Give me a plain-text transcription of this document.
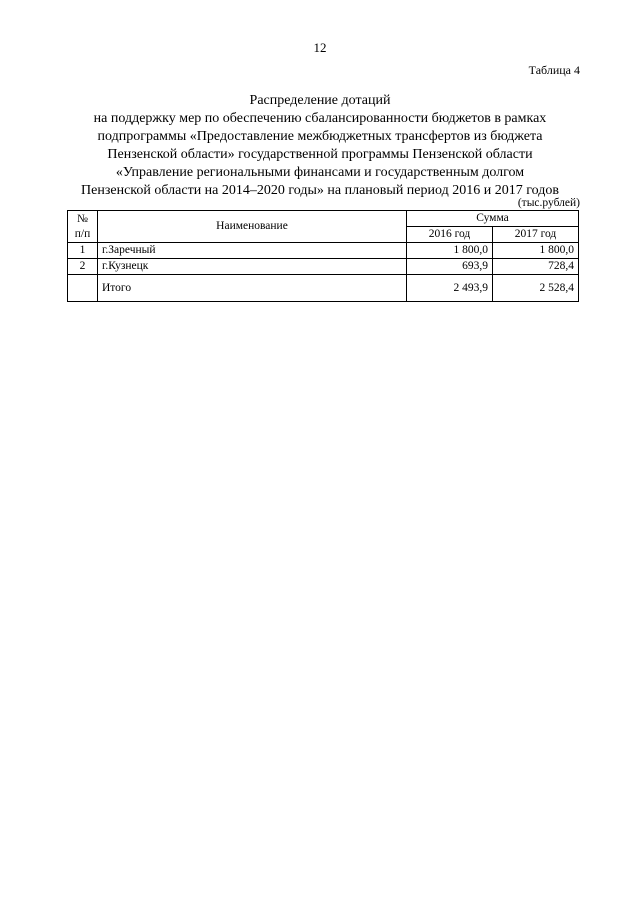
12
Таблица 4
Распределение дотаций
на поддержку мер по обеспечению сбалансированности бюджетов в рамках
подпрограммы «Предоставление межбюджетных трансфертов из бюджета
Пензенской области» государственной программы Пензенской области
«Управление региональными финансами и государственным долгом
Пензенской области на 2014–2020 годы» на плановый период 2016 и 2017 годов
(тыс.рублей)
№
п/п	Наименование	Сумма	
		2016 год	2017 год
1	г.Заречный	1 800,0	1 800,0
2	г.Кузнецк	693,9	728,4
	Итого	2 493,9	2 528,4
